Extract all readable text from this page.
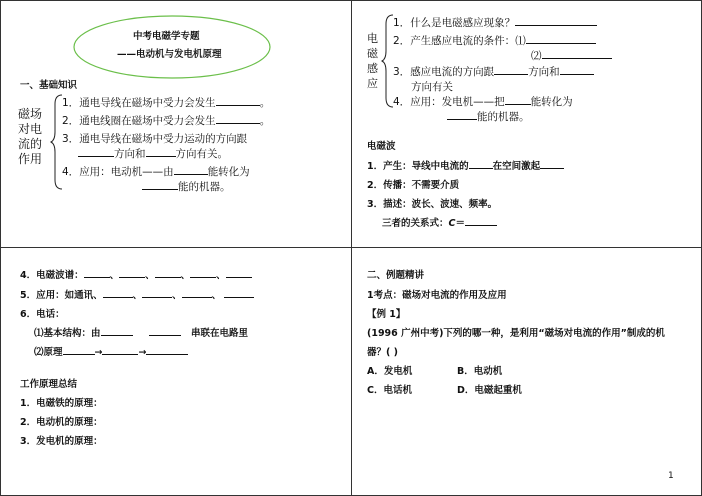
中考电磁学专题
——电动机与发电机原理
一、基础知识
磁场
对电
流的
作用
1．通电导线在磁场中受力会发生	。
2．通电线圈在磁场中受力会发生	。
3．通电导线在磁场中受力运动的方向跟
方向和	方向有关。
4．应用：电动机——由	能转化为
能的机器。
电
磁
感
应
1．什么是电磁感应现象？
2．产生感应电流的条件：⑴
⑵
3．感应电流的方向跟	方向和
方向有关
4．应用：发电机——把 能转化为
能的机器。
电磁波
1．产生：导线中电流的	在空间激起
2．传播：不需要介质
3．描述：波长、波速、频率。
三者的关系式：C＝
4．电磁波谱：	、	、	、	、
5．应用：如通讯、	、	、	、
6．电话：
⑴基本结构：由	串联在电路里
⑵原理	→	→
工作原理总结
1．电磁铁的原理：
2．电动机的原理：
3．发电机的原理：
二、例题精讲
1考点：磁场对电流的作用及应用
【例 1】
(1996 广州中考)下列的哪一种，是利用“磁场对电流的作用”制成的机
器？( )
A．发电机	B．电动机
C．电话机	D．电磁起重机
1
